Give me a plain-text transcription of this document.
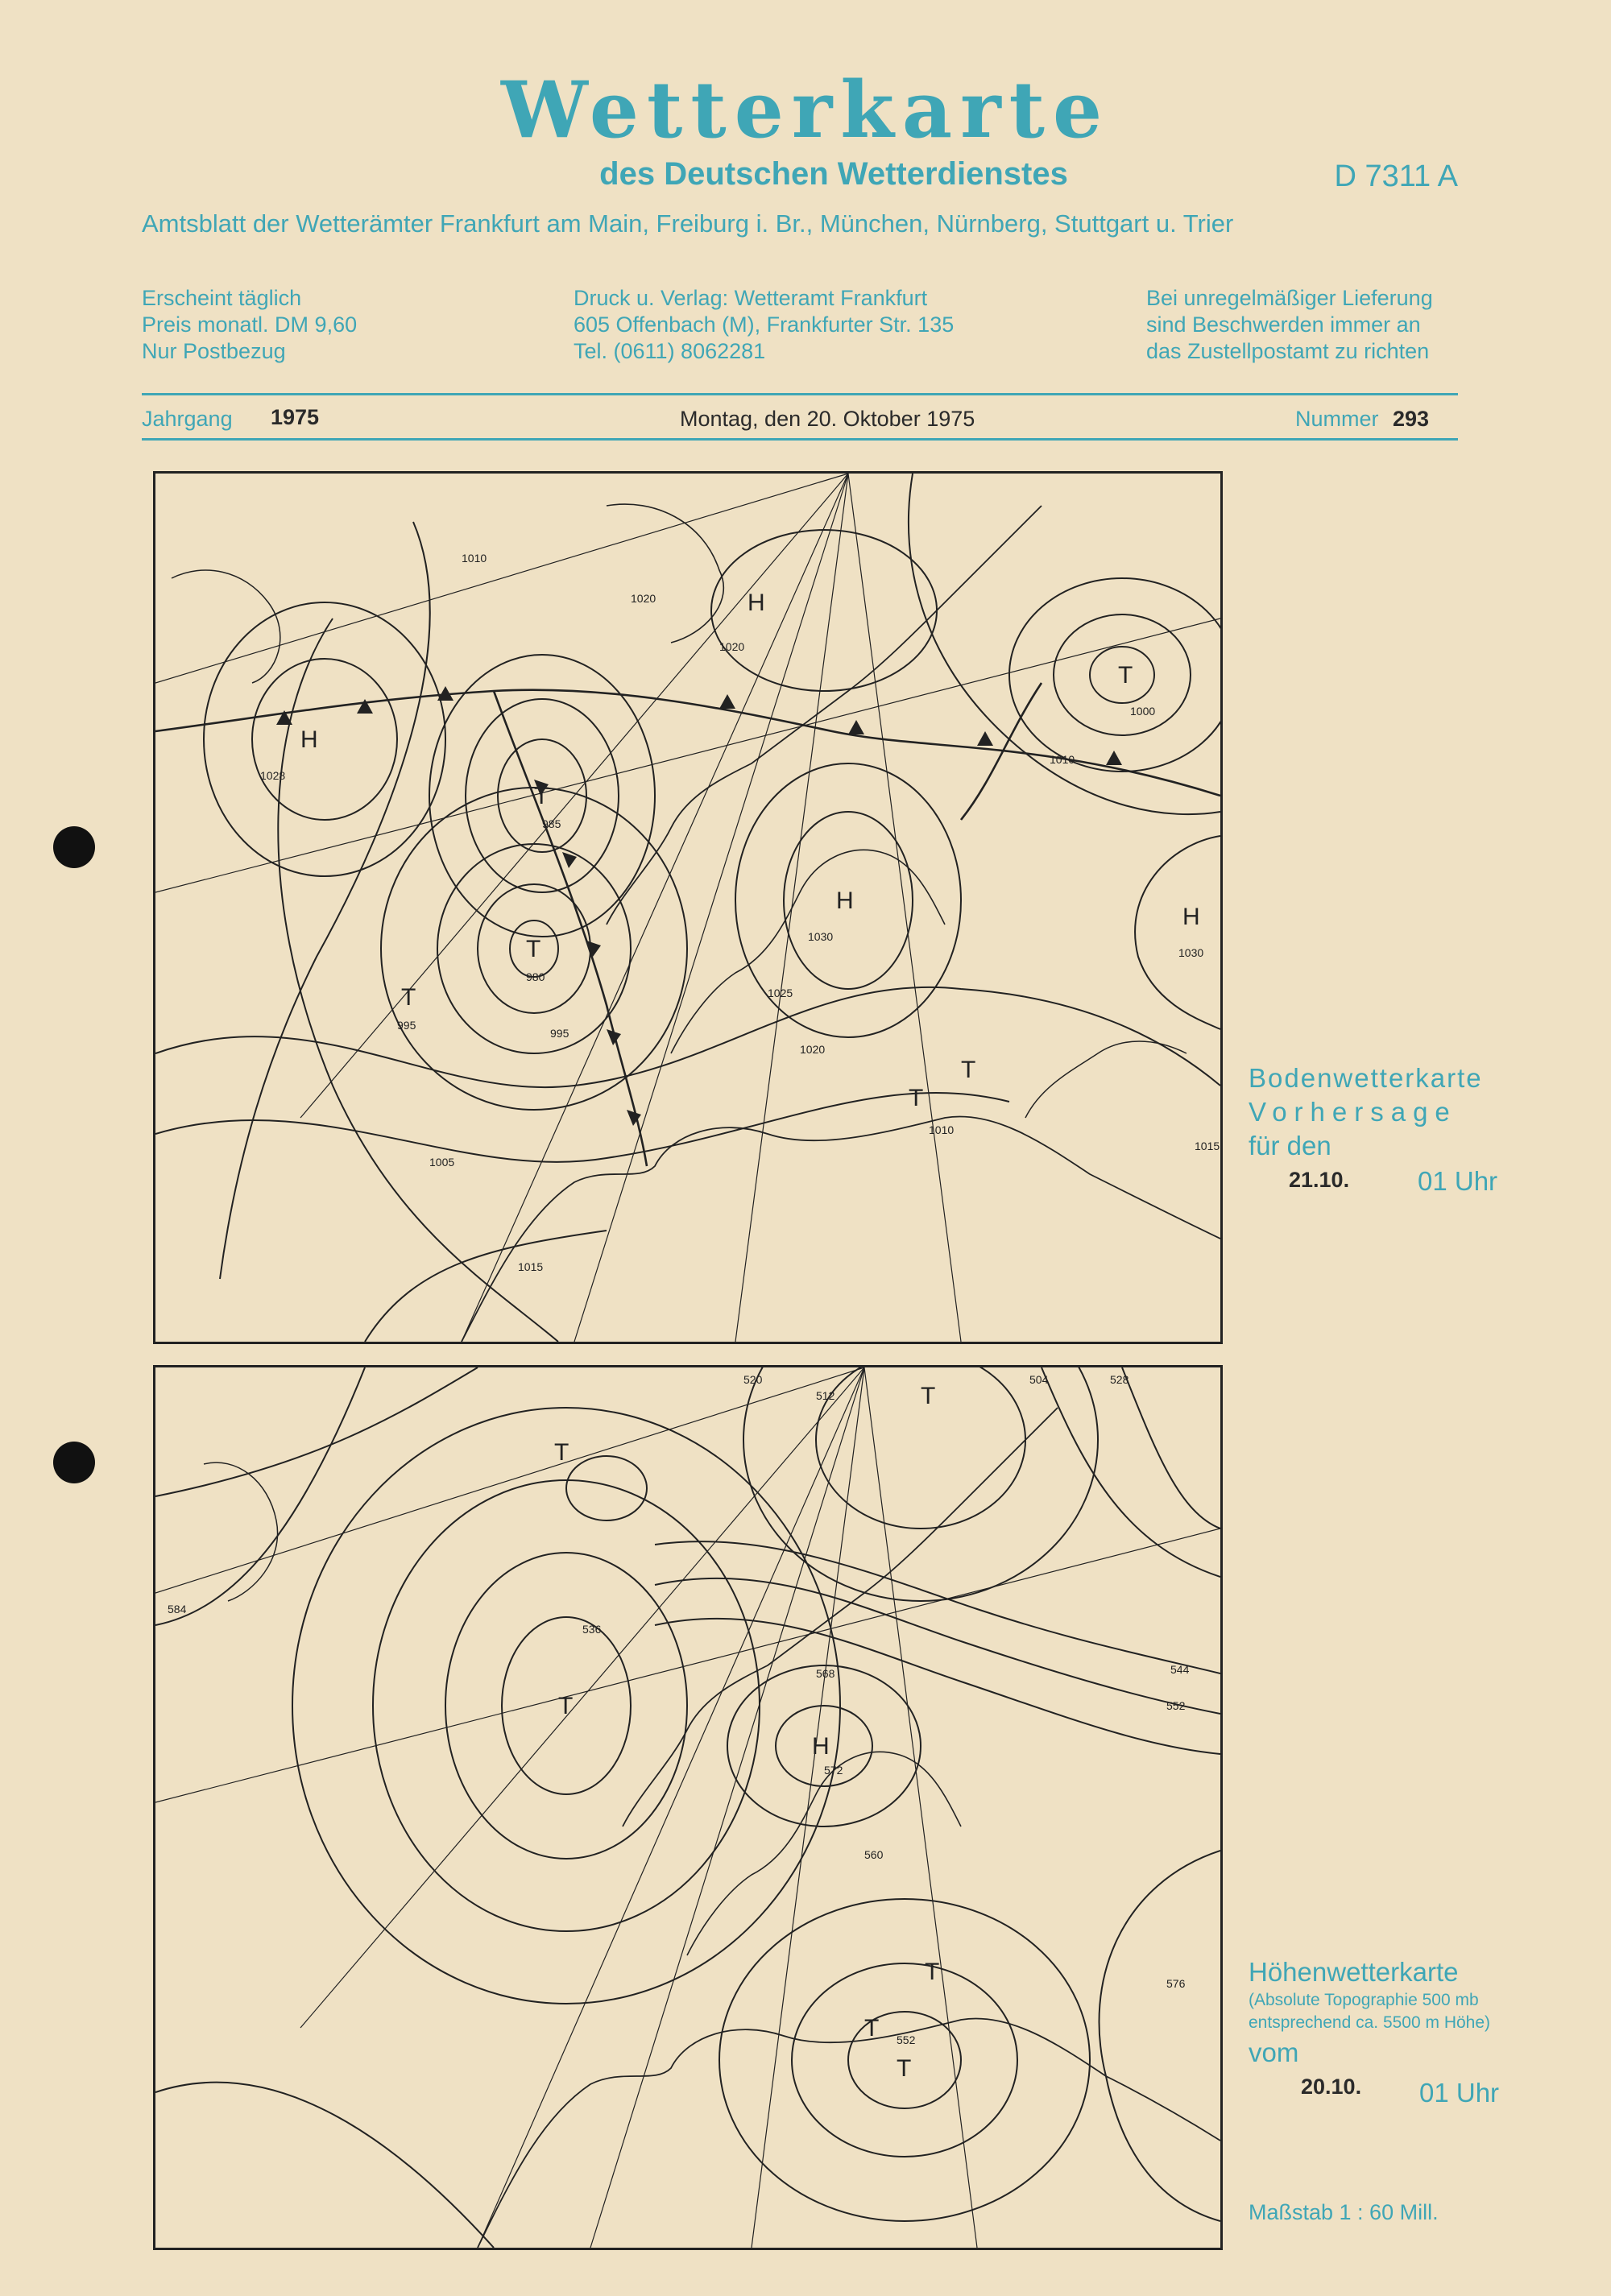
Wetterkarte
des Deutschen Wetterdienstes	D 7311 A
Amtsblatt der Wetterämter Frankfurt am Main, Freiburg i. Br., München, Nürnberg, Stuttgart u. Trier
Erscheint täglich
Preis monatl. DM 9,60
Nur Postbezug
Druck u. Verlag: Wetteramt Frankfurt
605 Offenbach (M), Frankfurter Str. 135
Tel. (0611) 8062281
Bei unregelmäßiger Lieferung
sind Beschwerden immer an
das Zustellpostamt zu richten
Jahrgang 1975	Montag, den 20. Oktober 1975	Nummer 293
1005
1010
1015
1020
1025
995
1010
1015
1020
H
H
T
T
T
H
H
T
T
T
1020
1028
985
980
995
1030
1030
1010
1000
Bodenwetterkarte
Vorhersage
für den
21.10.	01 Uhr
T
T
H
T
T
T
T
572
552
520	528
536
544
552
560
568
576
584
512
504
Höhenwetterkarte
(Absolute Topographie 500 mb
entsprechend ca. 5500 m Höhe)
vom
20.10. 01 Uhr
Maßstab 1 : 60 Mill.
